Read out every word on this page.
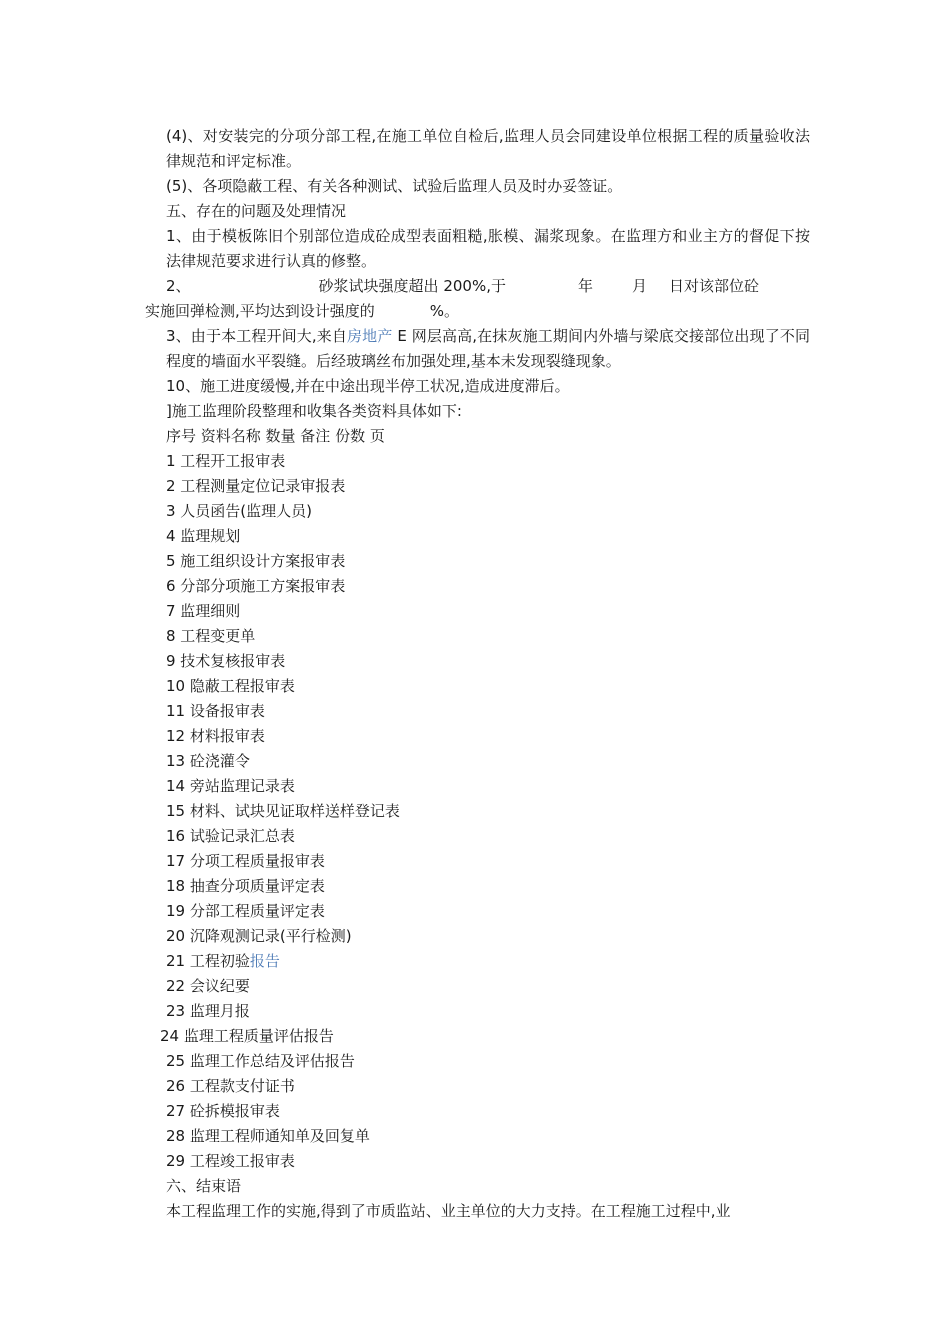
(4)、对安装完的分项分部工程,在施工单位自检后,监理人员会同建设单位根据工程的质量验收法律规范和评定标准。

(5)、各项隐蔽工程、有关各种测试、试验后监理人员及时办妥签证。

五、存在的问题及处理情况

1、由于模板陈旧个别部位造成砼成型表面粗糙,胀模、漏浆现象。在监理方和业主方的督促下按法律规范要求进行认真的修整。

2、	砂浆试块强度超出 200%,于	年	月 日对该部位砼

实施回弹检测,平均达到设计强度的	%。

3、由于本工程开间大,来自房地产 E 网层高高,在抹灰施工期间内外墙与梁底交接部位出现了不同程度的墙面水平裂缝。后经玻璃丝布加强处理,基本未发现裂缝现象。

10、施工进度缓慢,并在中途出现半停工状况,造成进度滞后。

]施工监理阶段整理和收集各类资料具体如下:

序号 资料名称 数量 备注 份数 页

1 工程开工报审表

2 工程测量定位记录审报表

3 人员函告(监理人员)

4 监理规划

5 施工组织设计方案报审表

6 分部分项施工方案报审表

7 监理细则

8 工程变更单

9 技术复核报审表

10 隐蔽工程报审表

11 设备报审表

12 材料报审表

13 砼浇灌令

14 旁站监理记录表

15 材料、试块见证取样送样登记表

16 试验记录汇总表

17 分项工程质量报审表

18 抽查分项质量评定表

19 分部工程质量评定表

20 沉降观测记录(平行检测)

21 工程初验报告

22 会议纪要

23 监理月报

24 监理工程质量评估报告

25 监理工作总结及评估报告

26 工程款支付证书

27 砼拆模报审表

28 监理工程师通知单及回复单

29 工程竣工报审表

六、结束语

本工程监理工作的实施,得到了市质监站、业主单位的大力支持。在工程施工过程中,业
